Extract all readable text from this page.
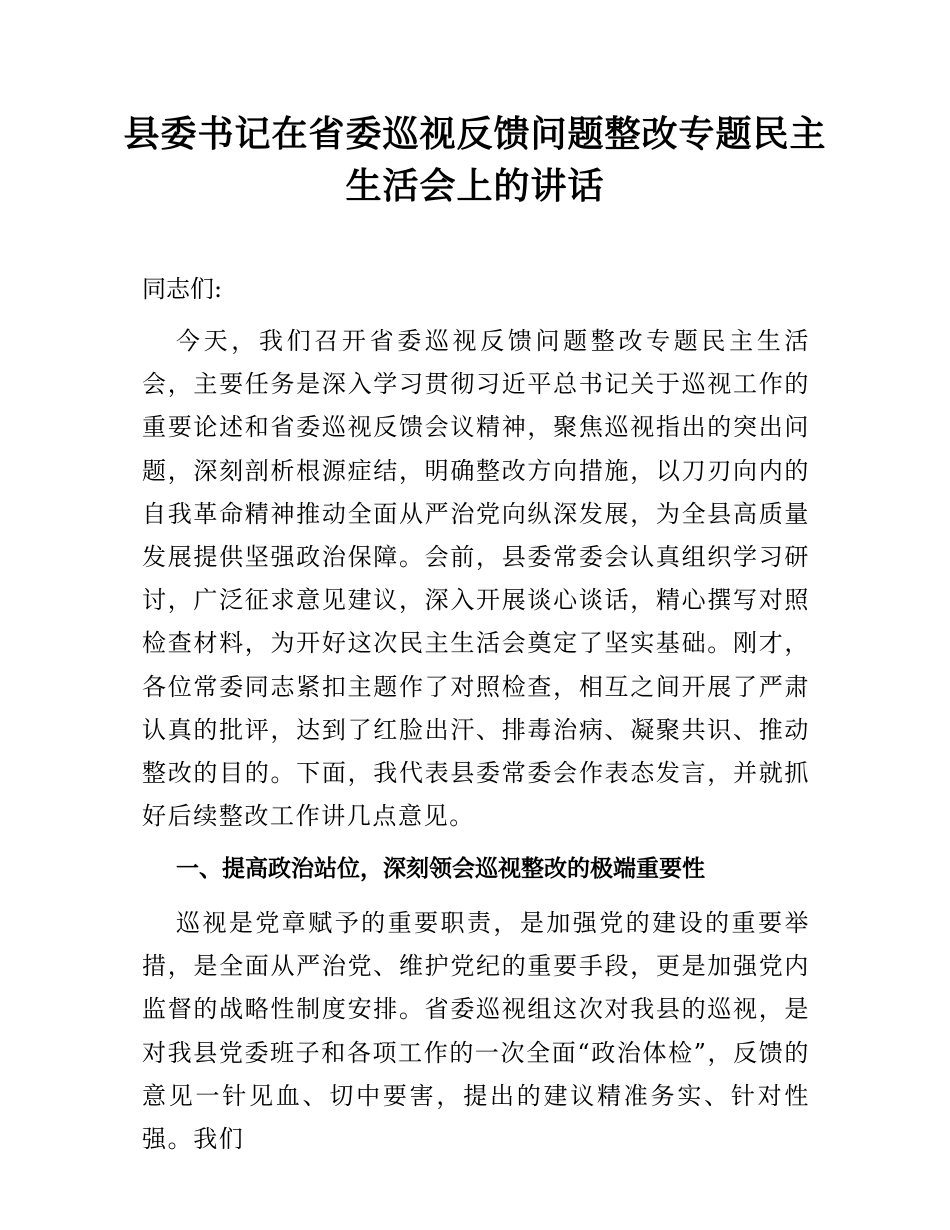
县委书记在省委巡视反馈问题整改专题民主生活会上的讲话

同志们:

今天，我们召开省委巡视反馈问题整改专题民主生活会，主要任务是深入学习贯彻习近平总书记关于巡视工作的重要论述和省委巡视反馈会议精神，聚焦巡视指出的突出问题，深刻剖析根源症结，明确整改方向措施，以刀刃向内的自我革命精神推动全面从严治党向纵深发展，为全县高质量发展提供坚强政治保障。会前，县委常委会认真组织学习研讨，广泛征求意见建议，深入开展谈心谈话，精心撰写对照检查材料，为开好这次民主生活会奠定了坚实基础。刚才，各位常委同志紧扣主题作了对照检查，相互之间开展了严肃认真的批评，达到了红脸出汗、排毒治病、凝聚共识、推动整改的目的。下面，我代表县委常委会作表态发言，并就抓好后续整改工作讲几点意见。

一、提高政治站位，深刻领会巡视整改的极端重要性

巡视是党章赋予的重要职责，是加强党的建设的重要举措，是全面从严治党、维护党纪的重要手段，更是加强党内监督的战略性制度安排。省委巡视组这次对我县的巡视，是对我县党委班子和各项工作的一次全面“政治体检”，反馈的意见一针见血、切中要害，提出的建议精准务实、针对性强。我们
